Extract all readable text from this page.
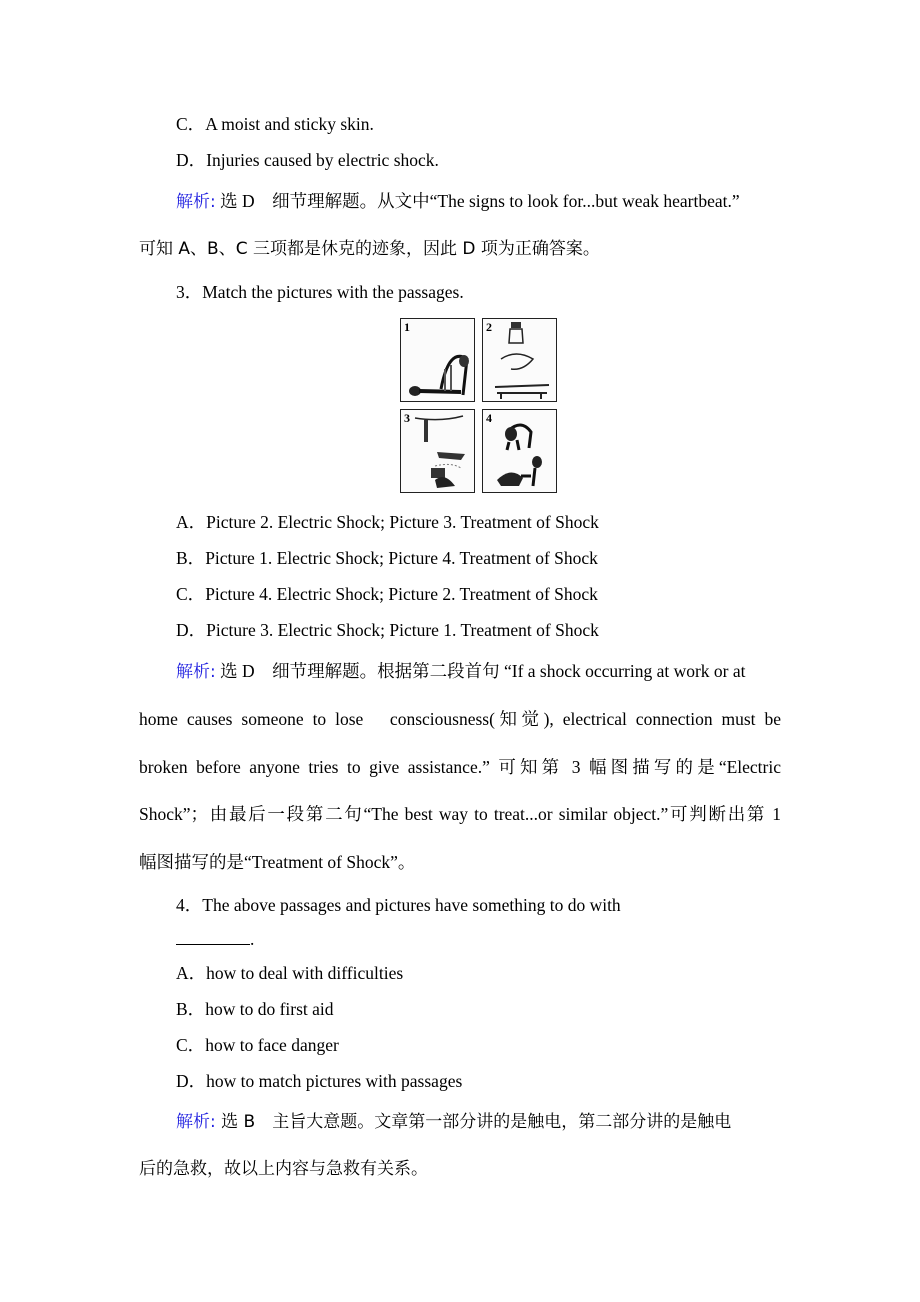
C．A moist and sticky skin.
D．Injuries caused by electric shock.
解析: 选 D　细节理解题。从文中“The signs to look for...but weak heartbeat.”
可知 A、B、C 三项都是休克的迹象，因此 D 项为正确答案。
3．Match the pictures with the passages.
1	2
3	4
A．Picture 2. Electric Shock; Picture 3. Treatment of Shock
B．Picture 1. Electric Shock; Picture 4. Treatment of Shock
C．Picture 4. Electric Shock; Picture 2. Treatment of Shock
D．Picture 3. Electric Shock; Picture 1. Treatment of Shock
解析: 选 D　细节理解题。根据第二段首句 “If a shock occurring at work or at
home causes someone to lose　consciousness(知觉), electrical connection must be
broken before anyone tries to give assistance.” 可知第 3 幅图描写的是“Electric
Shock”；由最后一段第二句“The best way to treat...or similar object.”可判断出第 1
幅图描写的是“Treatment of Shock”。
4．The above passages and pictures have something to do with
.
A．how to deal with difficulties
B．how to do first aid
C．how to face danger
D．how to match pictures with passages
解析: 选 B　主旨大意题。文章第一部分讲的是触电，第二部分讲的是触电
后的急救，故以上内容与急救有关系。
